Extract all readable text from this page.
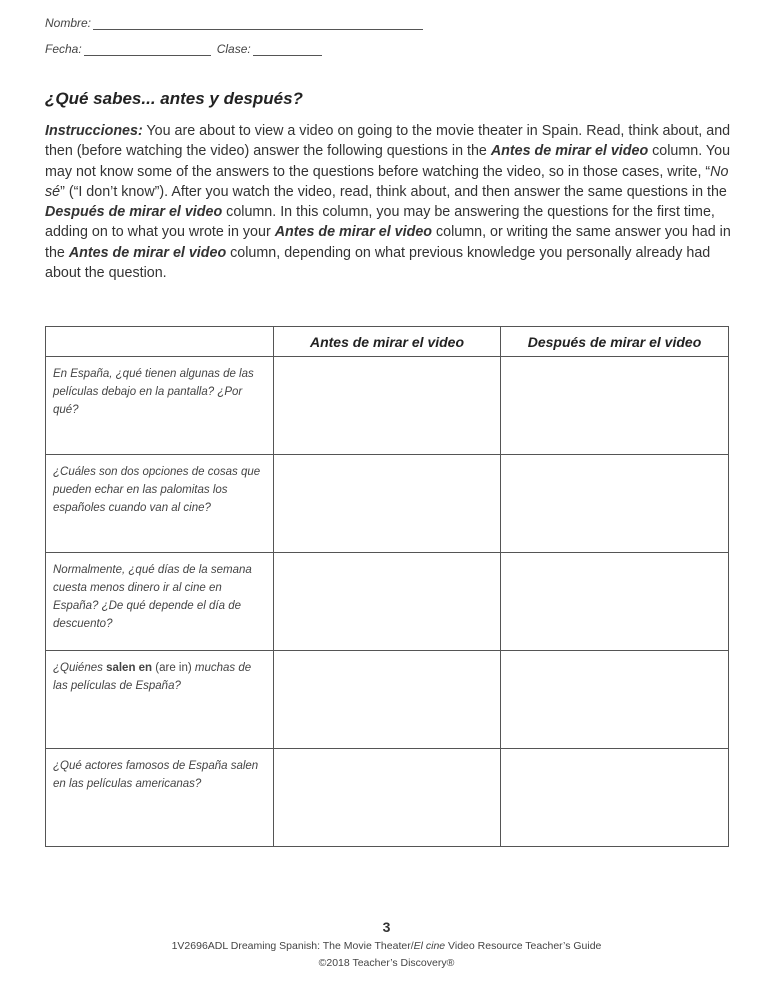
Nombre:
Fecha:	Clase:
¿Qué sabes... antes y después?

Instrucciones: You are about to view a video on going to the movie theater in Spain. Read, think about, and then (before watching the video) answer the following questions in the Antes de mirar el video column. You may not know some of the answers to the questions before watching the video, so in those cases, write, “No sé” (“I don’t know”). After you watch the video, read, think about, and then answer the same questions in the Después de mirar el video column. In this column, you may be answering the questions for the first time, adding on to what you wrote in your Antes de mirar el video column, or writing the same answer you had in the Antes de mirar el video column, depending on what previous knowledge you personally already had about the question.

	Antes de mirar el video	Después de mirar el video
En España, ¿qué tienen algunas de las películas debajo en la pantalla? ¿Por qué?		
¿Cuáles son dos opciones de cosas que pueden echar en las palomitas los españoles cuando van al cine?		
Normalmente, ¿qué días de la semana cuesta menos dinero ir al cine en España? ¿De qué depende el día de descuento?		
¿Quiénes salen en (are in) muchas de las películas de España?		
¿Qué actores famosos de España salen en las películas americanas?		
3
1V2696ADL Dreaming Spanish: The Movie Theater/El cine Video Resource Teacher’s Guide
©2018 Teacher’s Discovery®
